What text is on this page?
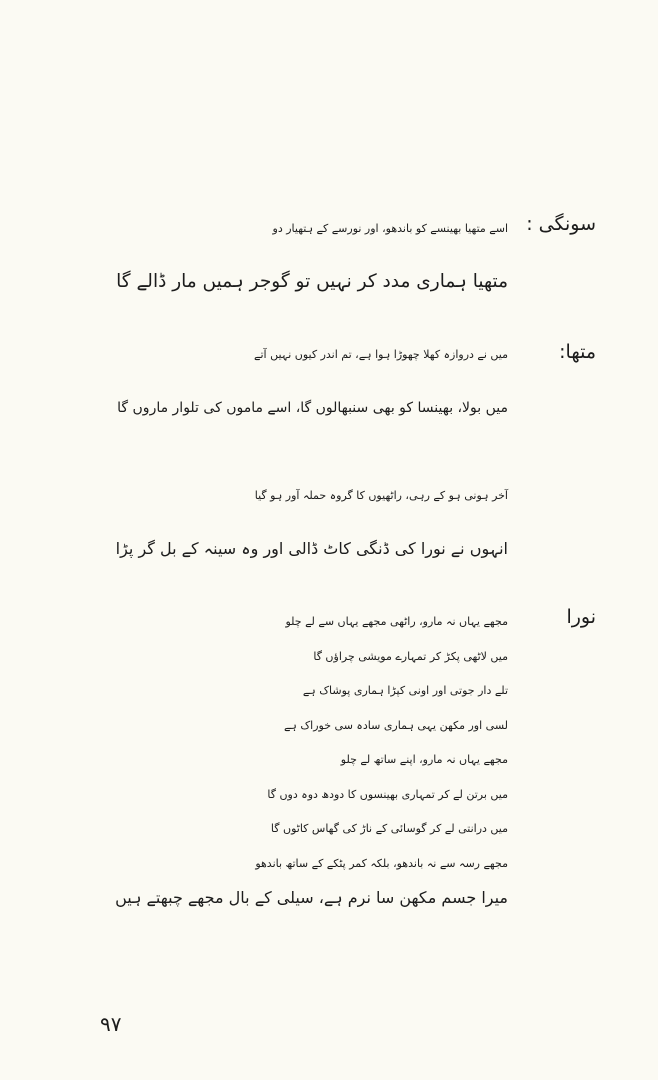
سونگی :
اسے متھیا بھینسے کو باندھو، اور نورسے کے ہتھیار دو
متھیا ہماری مدد کر نہیں تو گوجر ہمیں مار ڈالے گا
متھا:
میں نے دروازہ کھلا چھوڑا ہوا ہے، تم اندر کیوں نہیں آتے
میں بولا، بھینسا کو بھی سنبھالوں گا، اسے ماموں کی تلوار ماروں گا
آخر ہونی ہو کے رہی، راٹھیوں کا گروہ حملہ آور ہو گیا
انہوں نے نورا کی ڈنگی کاٹ ڈالی اور وہ سینہ کے بل گر پڑا
نورا
مجھے یہاں نہ مارو، راٹھی مجھے یہاں سے لے چلو
میں لاٹھی پکڑ کر تمہارے مویشی چراؤں گا
تلے دار جوتی اور اونی کپڑا ہماری پوشاک ہے
لسی اور مکھن یہی ہماری سادہ سی خوراک ہے
مجھے یہاں نہ مارو، اپنے ساتھ لے چلو
میں برتن لے کر تمہاری بھینسوں کا دودھ دوہ دوں گا
میں درانتی لے کر گوسائی کے ناڑ کی گھاس کاٹوں گا
مجھے رسہ سے نہ باندھو، بلکہ کمر پٹکے کے ساتھ باندھو
میرا جسم مکھن سا نرم ہے، سیلی کے بال مجھے چبھتے ہیں
۹۷
